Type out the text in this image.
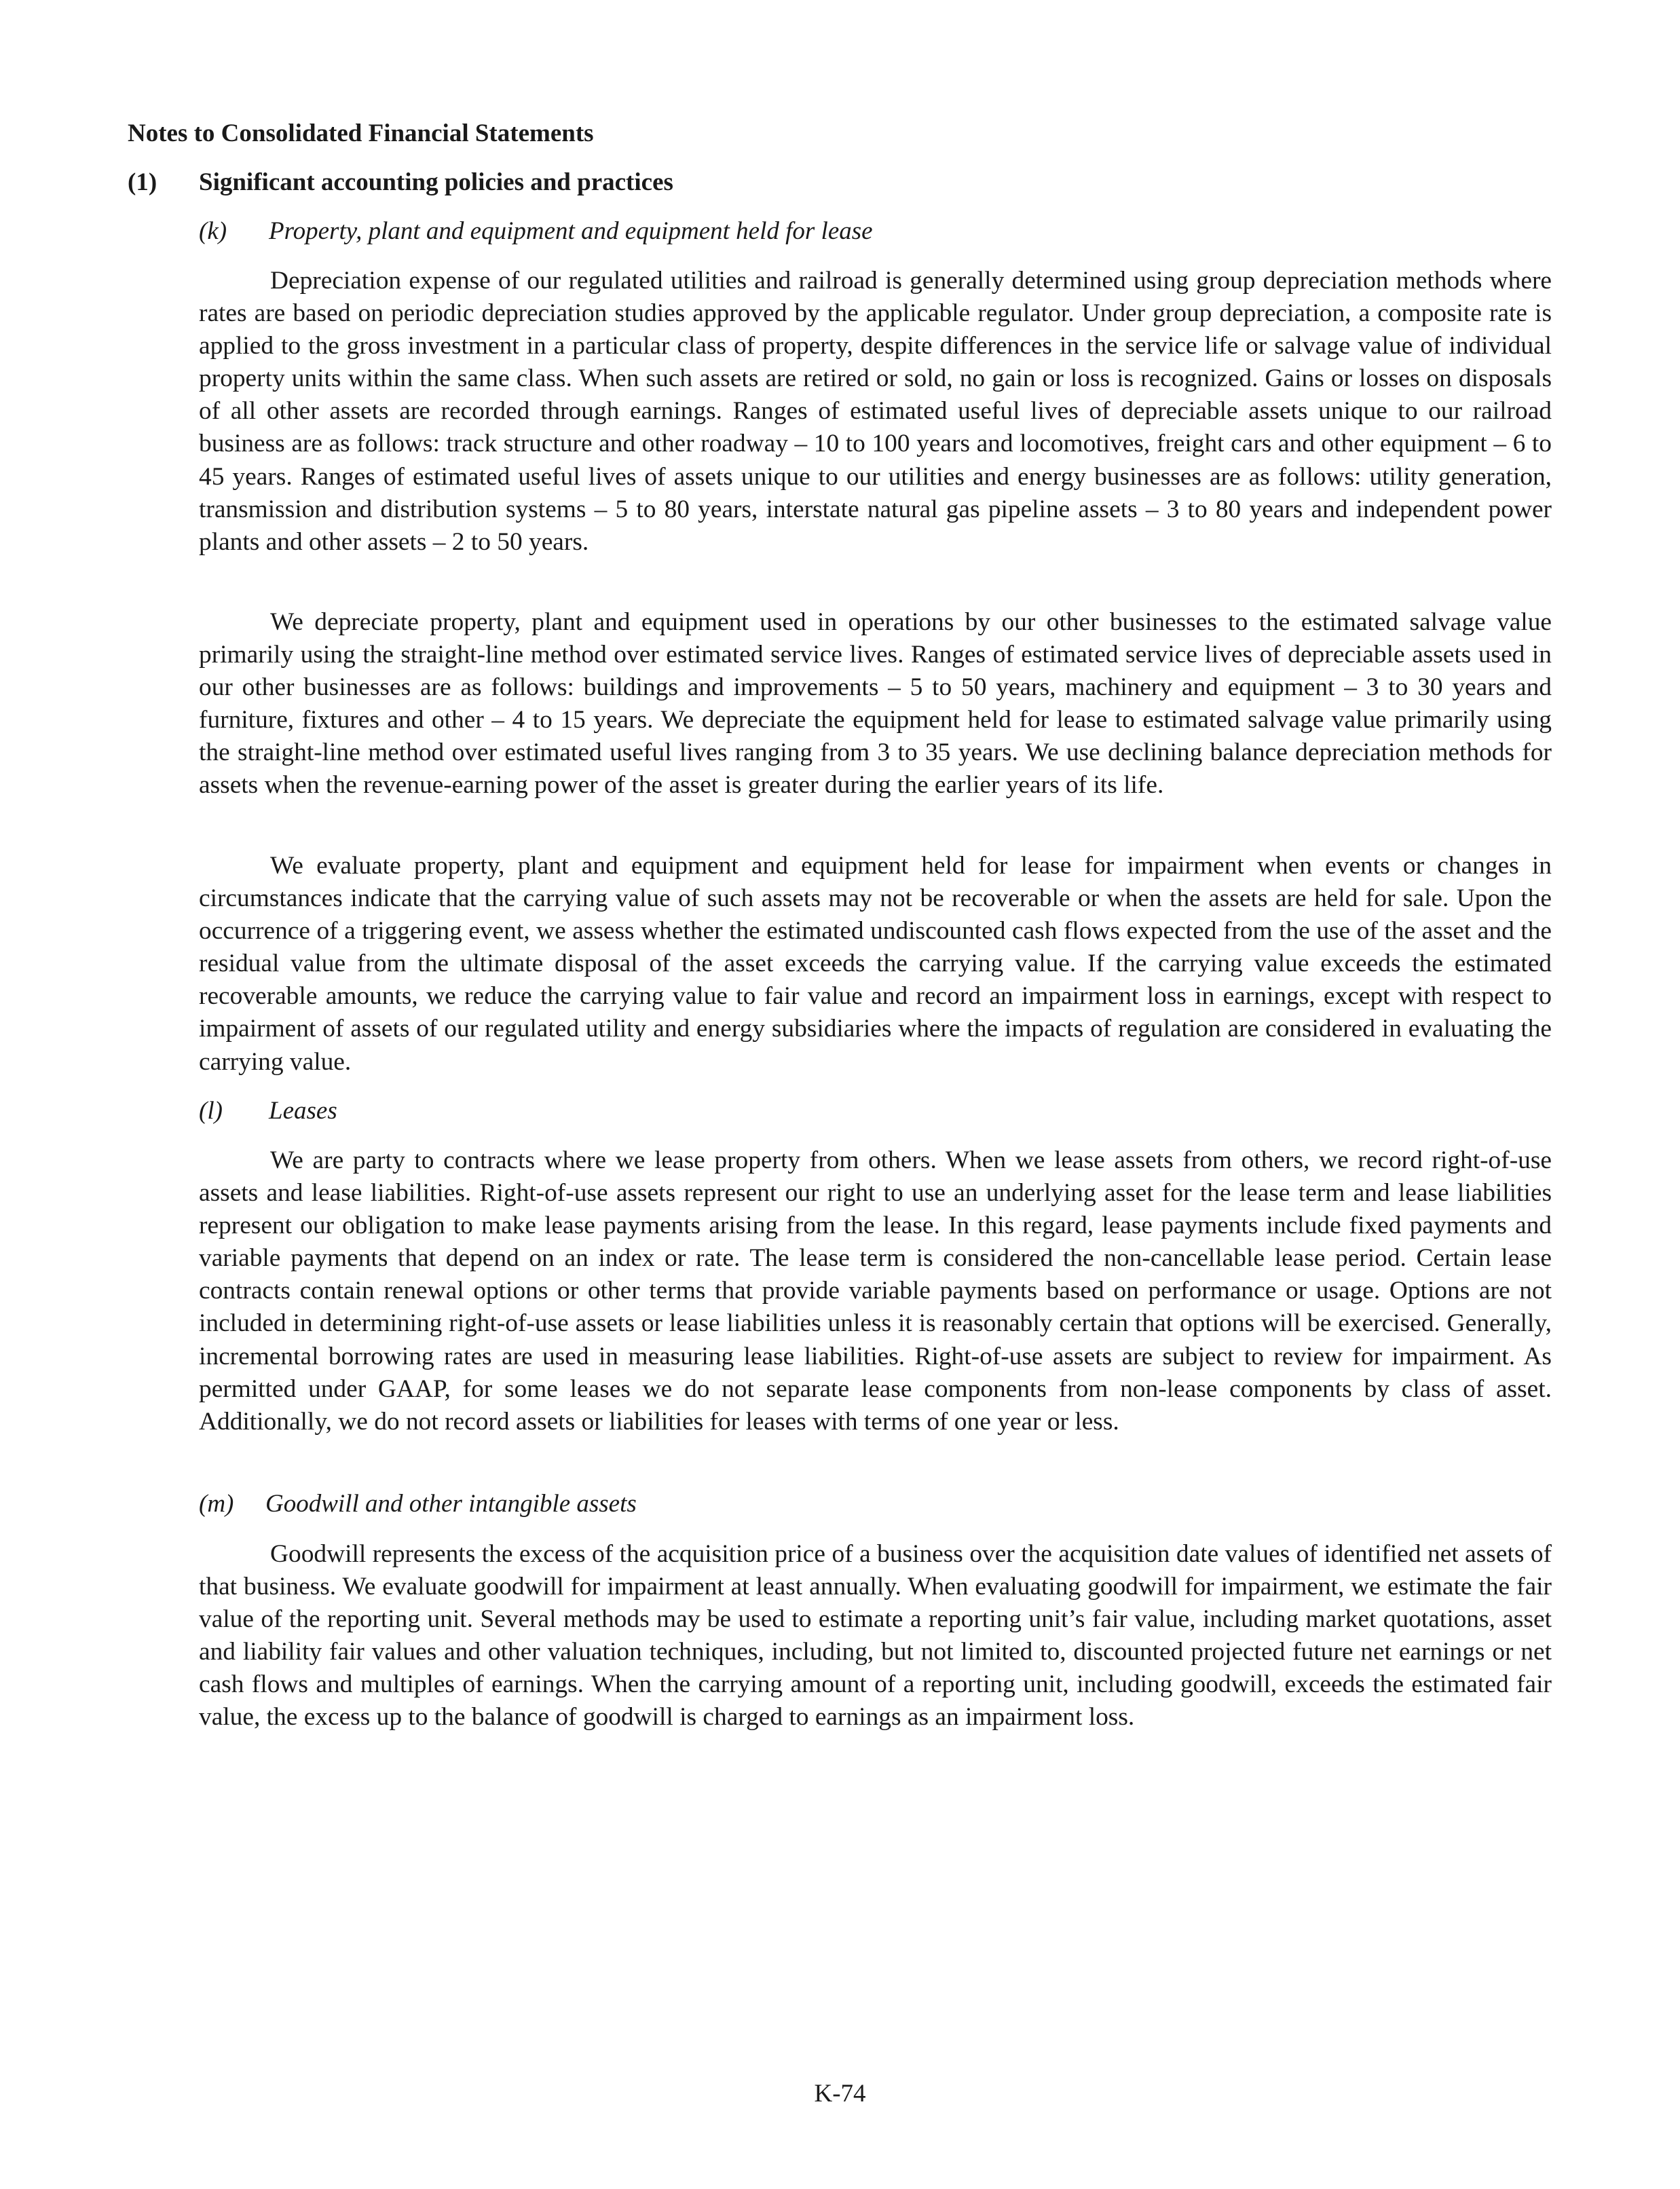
Notes to Consolidated Financial Statements

(1) Significant accounting policies and practices

(k) Property, plant and equipment and equipment held for lease

Depreciation expense of our regulated utilities and railroad is generally determined using group depreciation methods where rates are based on periodic depreciation studies approved by the applicable regulator. Under group depreciation, a composite rate is applied to the gross investment in a particular class of property, despite differences in the service life or salvage value of individual property units within the same class. When such assets are retired or sold, no gain or loss is recognized. Gains or losses on disposals of all other assets are recorded through earnings. Ranges of estimated useful lives of depreciable assets unique to our railroad business are as follows: track structure and other roadway – 10 to 100 years and locomotives, freight cars and other equipment – 6 to 45 years. Ranges of estimated useful lives of assets unique to our utilities and energy businesses are as follows: utility generation, transmission and distribution systems – 5 to 80 years, interstate natural gas pipeline assets – 3 to 80 years and independent power plants and other assets – 2 to 50 years.

We depreciate property, plant and equipment used in operations by our other businesses to the estimated salvage value primarily using the straight-line method over estimated service lives. Ranges of estimated service lives of depreciable assets used in our other businesses are as follows: buildings and improvements – 5 to 50 years, machinery and equipment – 3 to 30 years and furniture, fixtures and other – 4 to 15 years. We depreciate the equipment held for lease to estimated salvage value primarily using the straight-line method over estimated useful lives ranging from 3 to 35 years. We use declining balance depreciation methods for assets when the revenue-earning power of the asset is greater during the earlier years of its life.

We evaluate property, plant and equipment and equipment held for lease for impairment when events or changes in circumstances indicate that the carrying value of such assets may not be recoverable or when the assets are held for sale. Upon the occurrence of a triggering event, we assess whether the estimated undiscounted cash flows expected from the use of the asset and the residual value from the ultimate disposal of the asset exceeds the carrying value. If the carrying value exceeds the estimated recoverable amounts, we reduce the carrying value to fair value and record an impairment loss in earnings, except with respect to impairment of assets of our regulated utility and energy subsidiaries where the impacts of regulation are considered in evaluating the carrying value.

(l) Leases

We are party to contracts where we lease property from others. When we lease assets from others, we record right-of-use assets and lease liabilities. Right-of-use assets represent our right to use an underlying asset for the lease term and lease liabilities represent our obligation to make lease payments arising from the lease. In this regard, lease payments include fixed payments and variable payments that depend on an index or rate. The lease term is considered the non-cancellable lease period. Certain lease contracts contain renewal options or other terms that provide variable payments based on performance or usage. Options are not included in determining right-of-use assets or lease liabilities unless it is reasonably certain that options will be exercised. Generally, incremental borrowing rates are used in measuring lease liabilities. Right-of-use assets are subject to review for impairment. As permitted under GAAP, for some leases we do not separate lease components from non-lease components by class of asset. Additionally, we do not record assets or liabilities for leases with terms of one year or less.

(m) Goodwill and other intangible assets

Goodwill represents the excess of the acquisition price of a business over the acquisition date values of identified net assets of that business. We evaluate goodwill for impairment at least annually. When evaluating goodwill for impairment, we estimate the fair value of the reporting unit. Several methods may be used to estimate a reporting unit’s fair value, including market quotations, asset and liability fair values and other valuation techniques, including, but not limited to, discounted projected future net earnings or net cash flows and multiples of earnings. When the carrying amount of a reporting unit, including goodwill, exceeds the estimated fair value, the excess up to the balance of goodwill is charged to earnings as an impairment loss.

K-74
